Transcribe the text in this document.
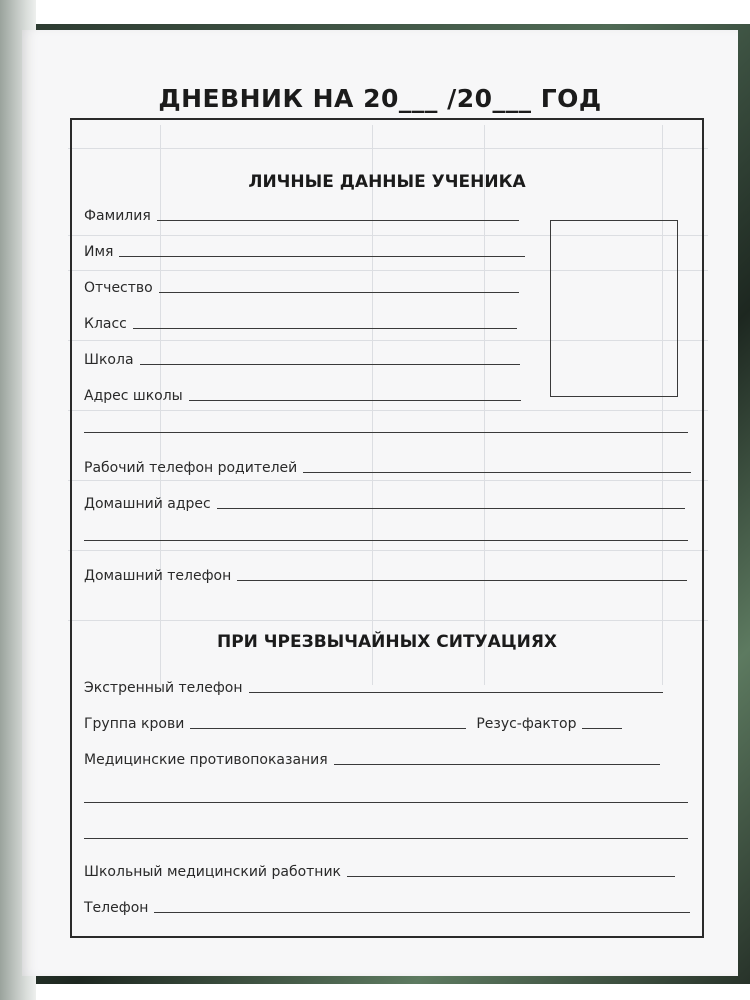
ДНЕВНИК НА 20___ /20___ ГОД
ЛИЧНЫЕ ДАННЫЕ УЧЕНИКА
Фамилия
Имя
Отчество
Класс
Школа
Адрес школы
Рабочий телефон родителей
Домашний адрес
Домашний телефон
ПРИ ЧРЕЗВЫЧАЙНЫХ СИТУАЦИЯХ
Экстренный телефон
Группа крови	Резус-фактор
Медицинские противопоказания
Школьный медицинский работник
Телефон
